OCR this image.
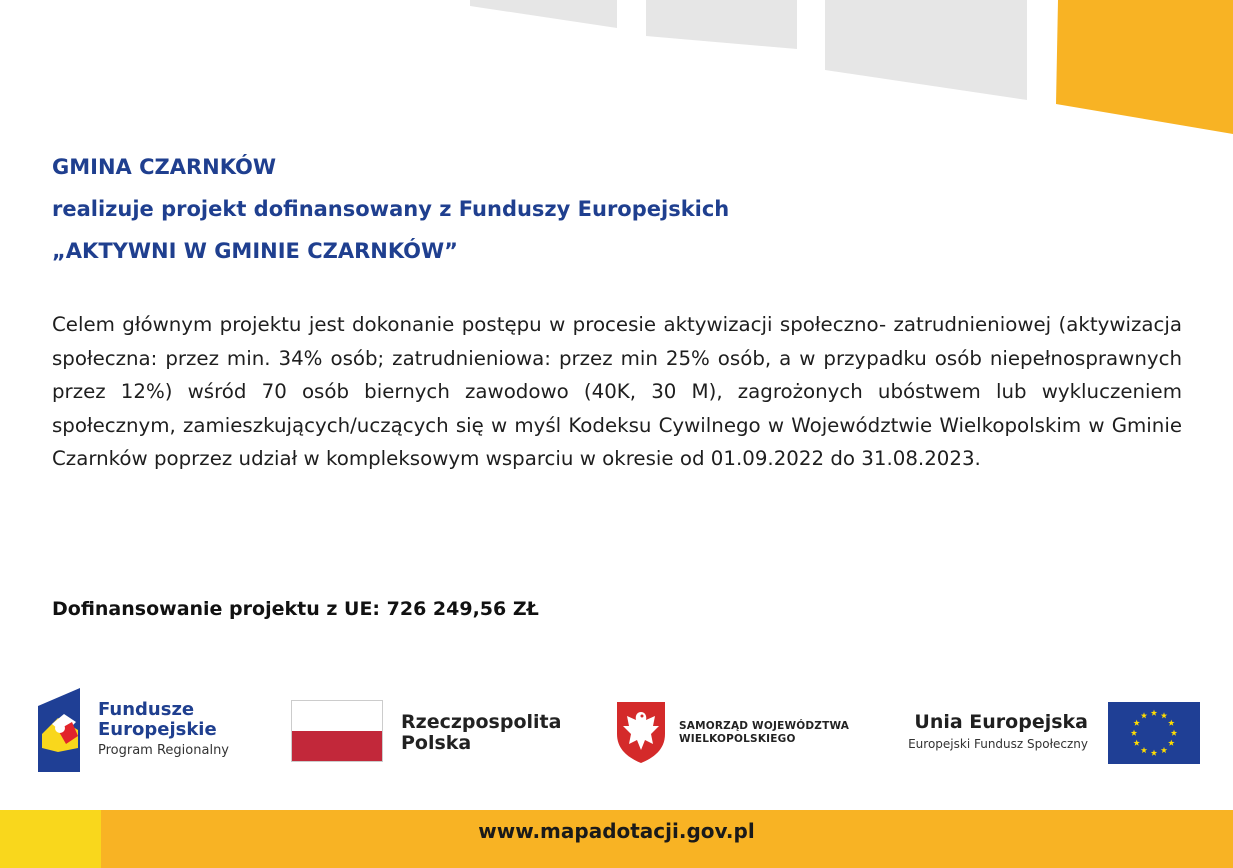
GMINA CZARNKÓW
realizuje projekt dofinansowany z Funduszy Europejskich
„AKTYWNI W GMINIE CZARNKÓW”
Celem głównym projektu jest dokonanie postępu w procesie aktywizacji społeczno- zatrudnieniowej (aktywizacja społeczna: przez min. 34% osób; zatrudnieniowa: przez min 25% osób, a w przypadku osób niepełnosprawnych przez 12%) wśród 70 osób biernych zawodowo (40K, 30 M), zagrożonych ubóstwem lub wykluczeniem społecznym, zamieszkujących/uczących się w myśl Kodeksu Cywilnego w Województwie Wielkopolskim w Gminie Czarnków poprzez udział w kompleksowym wsparciu w okresie od 01.09.2022 do 31.08.2023.
Dofinansowanie projektu z UE: 726 249,56 ZŁ
Fundusze
Europejskie
Program Regionalny
Rzeczpospolita
Polska
SAMORZĄD WOJEWÓDZTWA
WIELKOPOLSKIEGO
Unia Europejska
Europejski Fundusz Społeczny
www.mapadotacji.gov.pl
